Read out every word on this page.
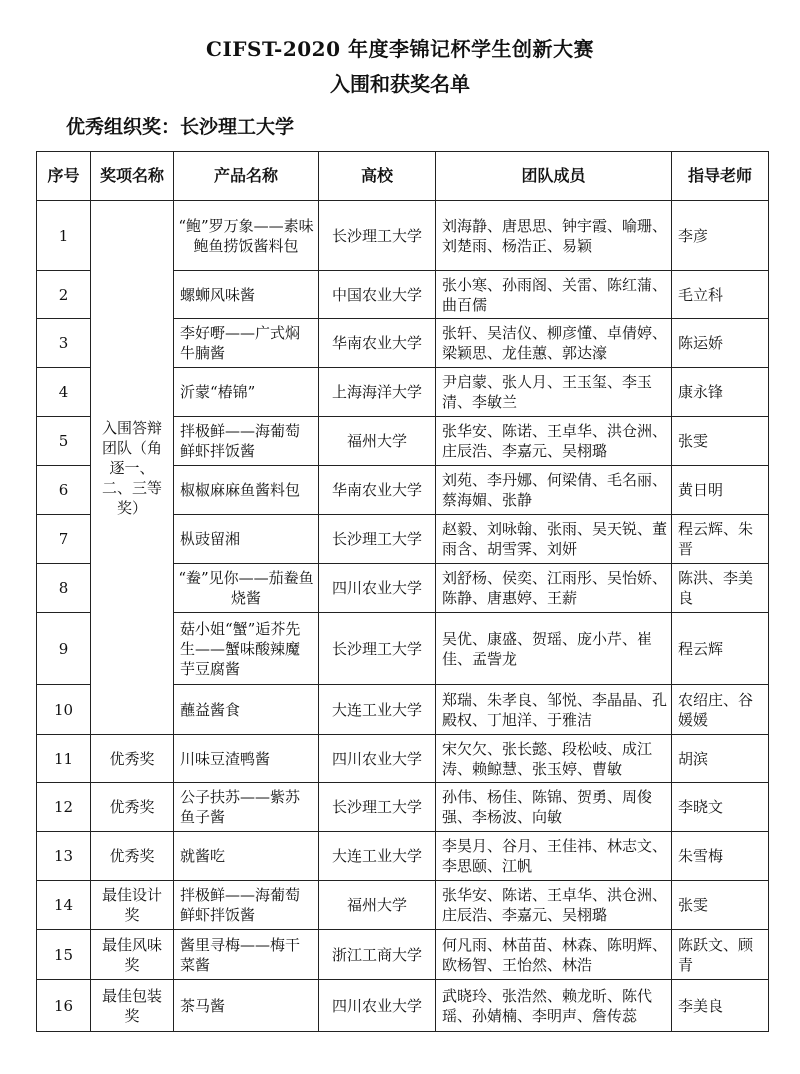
CIFST-2020 年度李锦记杯学生创新大赛
入围和获奖名单
优秀组织奖：长沙理工大学
序号	奖项名称	产品名称	高校	团队成员	指导老师
1	入围答辩团队（角逐一、二、三等奖）	“鲍”罗万象——素味鲍鱼捞饭酱料包	长沙理工大学	刘海静、唐思思、钟宇霞、喻珊、刘楚雨、杨浩正、易颖	李彦
2		螺蛳风味酱	中国农业大学	张小寒、孙雨阁、关雷、陈红蒲、曲百儒	毛立科
3		李好嘢——广式焖牛腩酱	华南农业大学	张轩、吴洁仪、柳彦懂、卓倩婷、梁颖思、龙佳蕙、郭达濠	陈运娇
4		沂蒙“椿锦”	上海海洋大学	尹启蒙、张人月、王玉玺、李玉清、李敏兰	康永锋
5		拌极鲜——海葡萄鲜虾拌饭酱	福州大学	张华安、陈诺、王卓华、洪仓洲、庄辰浩、李嘉元、吴栩璐	张雯
6		椒椒麻麻鱼酱料包	华南农业大学	刘苑、李丹娜、何梁倩、毛名丽、蔡海媚、张静	黄日明
7		枞豉留湘	长沙理工大学	赵毅、刘咏翰、张雨、吴天锐、董雨含、胡雪霁、刘妍	程云辉、朱晋
8		“鲞”见你——茄鲞鱼烧酱	四川农业大学	刘舒杨、侯奕、江雨彤、吴怡娇、陈静、唐惠婷、王薪	陈洪、李美良
9		菇小姐“蟹”逅芥先生——蟹味酸辣魔芋豆腐酱	长沙理工大学	吴优、康盛、贺瑶、庞小芹、崔佳、孟訾龙	程云辉
10		蘸益酱食	大连工业大学	郑瑞、朱孝良、邹悦、李晶晶、孔殿权、丁旭洋、于雅洁	农绍庄、谷媛媛
11	优秀奖	川味豆渣鸭酱	四川农业大学	宋欠欠、张长懿、段松岐、成江涛、赖鲸慧、张玉婷、曹敏	胡滨
12	优秀奖	公子扶苏——紫苏鱼子酱	长沙理工大学	孙伟、杨佳、陈锦、贺勇、周俊强、李杨波、向敏	李晓文
13	优秀奖	就酱吃	大连工业大学	李昊月、谷月、王佳祎、林志文、李思颐、江帆	朱雪梅
14	最佳设计奖	拌极鲜——海葡萄鲜虾拌饭酱	福州大学	张华安、陈诺、王卓华、洪仓洲、庄辰浩、李嘉元、吴栩璐	张雯
15	最佳风味奖	酱里寻梅——梅干菜酱	浙江工商大学	何凡雨、林苗苗、林森、陈明辉、欧杨智、王怡然、林浩	陈跃文、顾青
16	最佳包装奖	茶马酱	四川农业大学	武晓玲、张浩然、赖龙昕、陈代瑶、孙婧楠、李明声、詹传蕊	李美良
